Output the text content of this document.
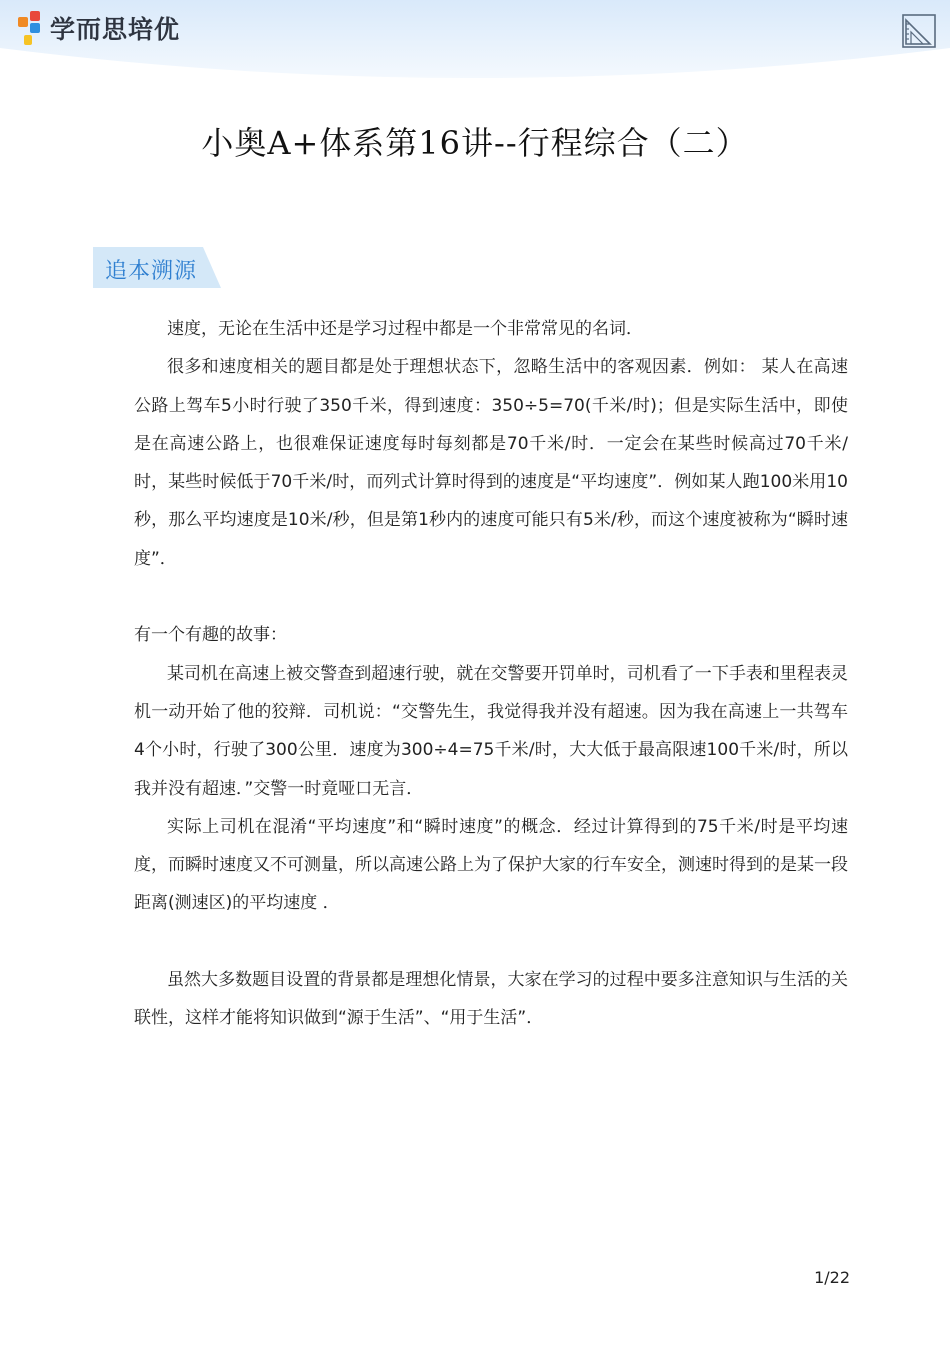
学而思培优
小奥A+体系第16讲--行程综合（二）
追本溯源

速度，无论在生活中还是学习过程中都是一个非常常见的名词．

很多和速度相关的题目都是处于理想状态下，忽略生活中的客观因素．例如： 某人在高速公路上驾车5小时行驶了350千米，得到速度：350÷5=70(千米/时)；但是实际生活中，即使是在高速公路上，也很难保证速度每时每刻都是70千米/时．一定会在某些时候高过70千米/时，某些时候低于70千米/时，而列式计算时得到的速度是“平均速度”．例如某人跑100米用10秒，那么平均速度是10米/秒，但是第1秒内的速度可能只有5米/秒，而这个速度被称为“瞬时速度”．

有一个有趣的故事：

某司机在高速上被交警查到超速行驶，就在交警要开罚单时，司机看了一下手表和里程表灵机一动开始了他的狡辩．司机说：“交警先生，我觉得我并没有超速。因为我在高速上一共驾车4个小时，行驶了300公里．速度为300÷4=75千米/时，大大低于最高限速100千米/时，所以我并没有超速．”交警一时竟哑口无言．

实际上司机在混淆“平均速度”和“瞬时速度”的概念．经过计算得到的75千米/时是平均速度，而瞬时速度又不可测量，所以高速公路上为了保护大家的行车安全，测速时得到的是某一段距离(测速区)的平均速度 ．

虽然大多数题目设置的背景都是理想化情景，大家在学习的过程中要多注意知识与生活的关联性，这样才能将知识做到“源于生活”、“用于生活”．

1/22
